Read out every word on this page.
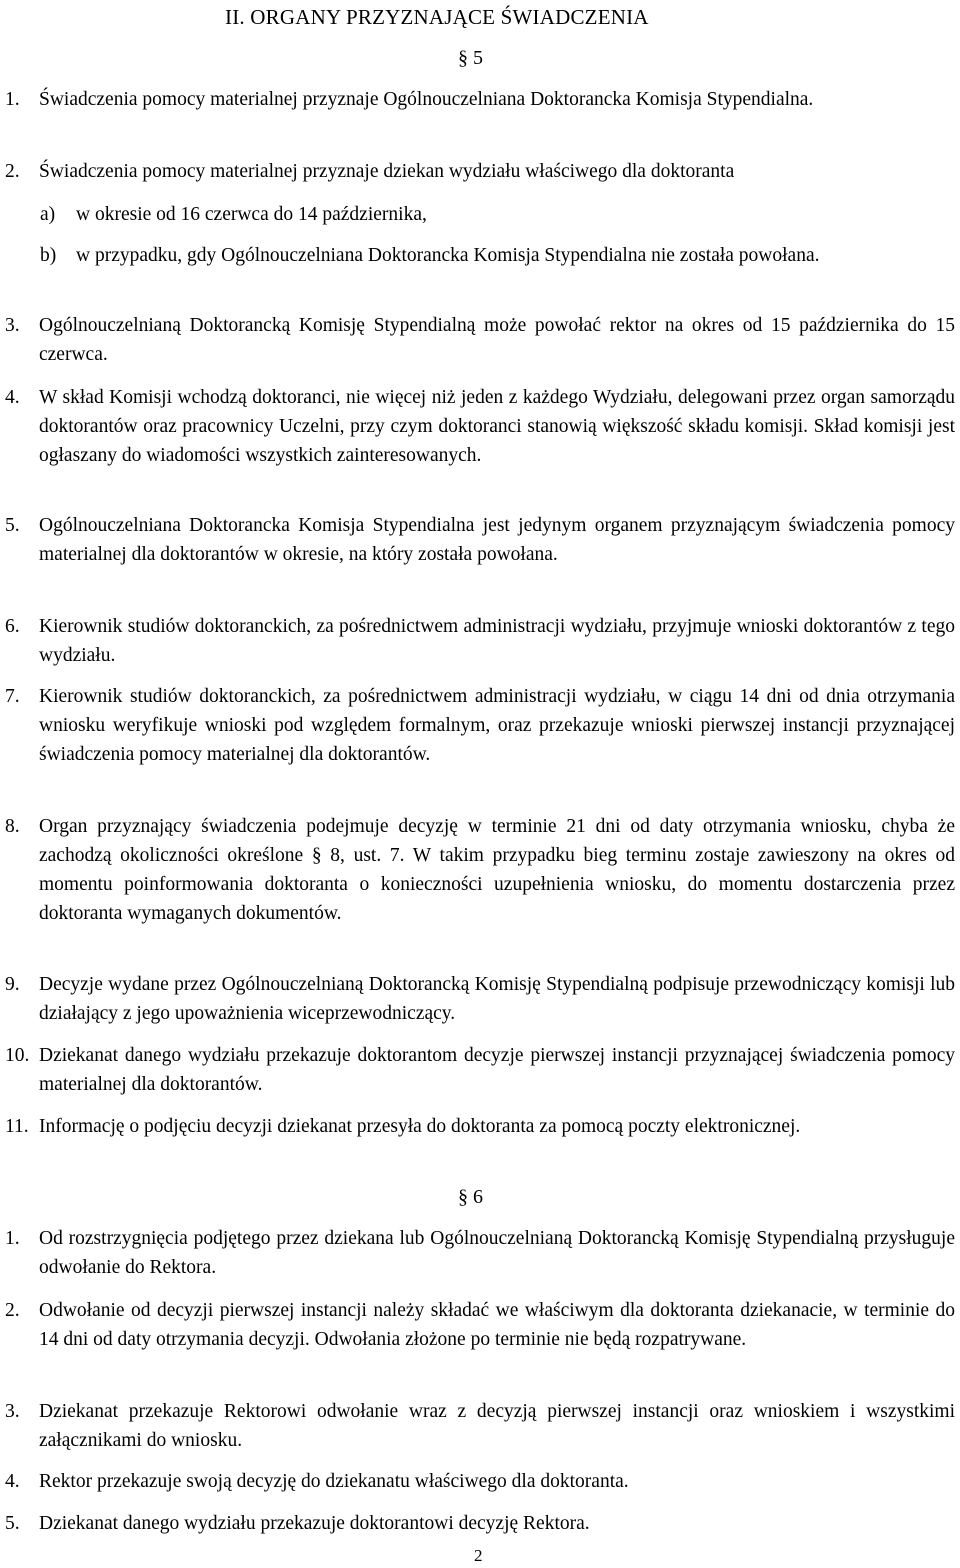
II. ORGANY PRZYZNAJĄCE ŚWIADCZENIA
§ 5
1. Świadczenia pomocy materialnej przyznaje Ogólnouczelniana Doktorancka Komisja Stypendialna.
2. Świadczenia pomocy materialnej przyznaje dziekan wydziału właściwego dla doktoranta
a)	w okresie od 16 czerwca do 14 października,
b)	w przypadku, gdy Ogólnouczelniana Doktorancka Komisja Stypendialna nie została powołana.
3. Ogólnouczelnianą Doktorancką Komisję Stypendialną może powołać rektor na okres od 15 października do 15 czerwca.
4. W skład Komisji wchodzą doktoranci, nie więcej niż jeden z każdego Wydziału, delegowani przez organ samorządu doktorantów oraz pracownicy Uczelni, przy czym doktoranci stanowią większość składu komisji. Skład komisji jest ogłaszany do wiadomości wszystkich zainteresowanych.
5. Ogólnouczelniana Doktorancka Komisja Stypendialna jest jedynym organem przyznającym świadczenia pomocy materialnej dla doktorantów w okresie, na który została powołana.
6. Kierownik studiów doktoranckich, za pośrednictwem administracji wydziału, przyjmuje wnioski doktorantów z tego wydziału.
7. Kierownik studiów doktoranckich, za pośrednictwem administracji wydziału, w ciągu 14 dni od dnia otrzymania wniosku weryfikuje wnioski pod względem formalnym, oraz przekazuje wnioski pierwszej instancji przyznającej świadczenia pomocy materialnej dla doktorantów.
8. Organ przyznający świadczenia podejmuje decyzję w terminie 21 dni od daty otrzymania wniosku, chyba że zachodzą okoliczności określone § 8, ust. 7. W takim przypadku bieg terminu zostaje zawieszony na okres od momentu poinformowania doktoranta o konieczności uzupełnienia wniosku, do momentu dostarczenia przez doktoranta wymaganych dokumentów.
9. Decyzje wydane przez Ogólnouczelnianą Doktorancką Komisję Stypendialną podpisuje przewodniczący komisji lub działający z jego upoważnienia wiceprzewodniczący.
10. Dziekanat danego wydziału przekazuje doktorantom decyzje pierwszej instancji przyznającej świadczenia pomocy materialnej dla doktorantów.
11. Informację o podjęciu decyzji dziekanat przesyła do doktoranta za pomocą poczty elektronicznej.
§ 6
1. Od rozstrzygnięcia podjętego przez dziekana lub Ogólnouczelnianą Doktorancką Komisję Stypendialną przysługuje odwołanie do Rektora.
2. Odwołanie od decyzji pierwszej instancji należy składać we właściwym dla doktoranta dziekanacie, w terminie do 14 dni od daty otrzymania decyzji. Odwołania złożone po terminie nie będą rozpatrywane.
3. Dziekanat przekazuje Rektorowi odwołanie wraz z decyzją pierwszej instancji oraz wnioskiem i wszystkimi załącznikami do wniosku.
4. Rektor przekazuje swoją decyzję do dziekanatu właściwego dla doktoranta.
5. Dziekanat danego wydziału przekazuje doktorantowi decyzję Rektora.
2
